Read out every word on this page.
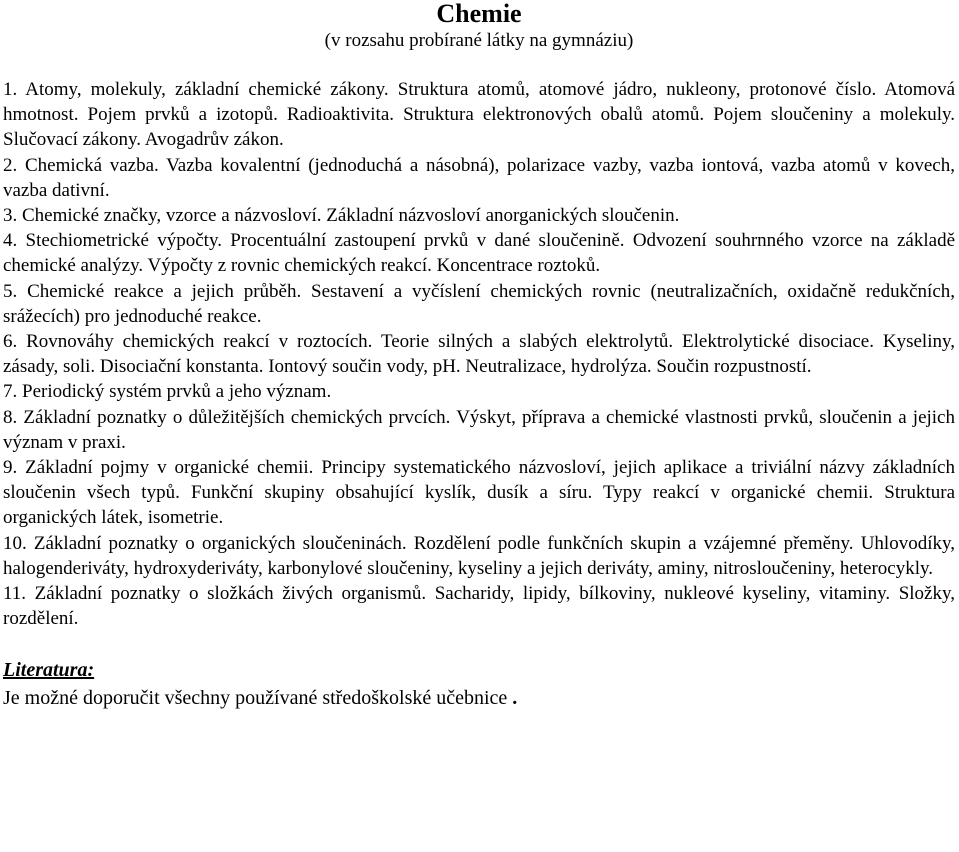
Chemie
(v rozsahu probírané látky na gymnáziu)

1. Atomy, molekuly, základní chemické zákony. Struktura atomů, atomové jádro, nukleony, protonové číslo. Atomová hmotnost. Pojem prvků a izotopů. Radioaktivita. Struktura elektronových obalů atomů. Pojem sloučeniny a molekuly. Slučovací zákony. Avogadrův zákon.

2. Chemická vazba. Vazba kovalentní (jednoduchá a násobná), polarizace vazby, vazba iontová, vazba atomů v kovech, vazba dativní.

3. Chemické značky, vzorce a názvosloví. Základní názvosloví anorganických sloučenin.

4. Stechiometrické výpočty. Procentuální zastoupení prvků v dané sloučenině. Odvození souhrnného vzorce na základě chemické analýzy. Výpočty z rovnic chemických reakcí. Koncentrace roztoků.

5. Chemické reakce a jejich průběh. Sestavení a vyčíslení chemických rovnic (neutralizačních, oxidačně redukčních, srážecích) pro jednoduché reakce.

6. Rovnováhy chemických reakcí v roztocích. Teorie silných a slabých elektrolytů. Elektrolytické disociace. Kyseliny, zásady, soli. Disociační konstanta. Iontový součin vody, pH. Neutralizace, hydrolýza. Součin rozpustností.

7. Periodický systém prvků a jeho význam.

8. Základní poznatky o důležitějších chemických prvcích. Výskyt, příprava a chemické vlastnosti prvků, sloučenin a jejich význam v praxi.

9. Základní pojmy v organické chemii. Principy systematického názvosloví, jejich aplikace a triviální názvy základních sloučenin všech typů. Funkční skupiny obsahující kyslík, dusík a síru. Typy reakcí v organické chemii. Struktura organických látek, isometrie.

10. Základní poznatky o organických sloučeninách. Rozdělení podle funkčních skupin a vzájemné přeměny. Uhlovodíky, halogenderiváty, hydroxyderiváty, karbonylové sloučeniny, kyseliny a jejich deriváty, aminy, nitrosloučeniny, heterocykly.

11. Základní poznatky o složkách živých organismů. Sacharidy, lipidy, bílkoviny, nukleové kyseliny, vitaminy. Složky, rozdělení.

Literatura:
Je možné doporučit všechny používané středoškolské učebnice .
